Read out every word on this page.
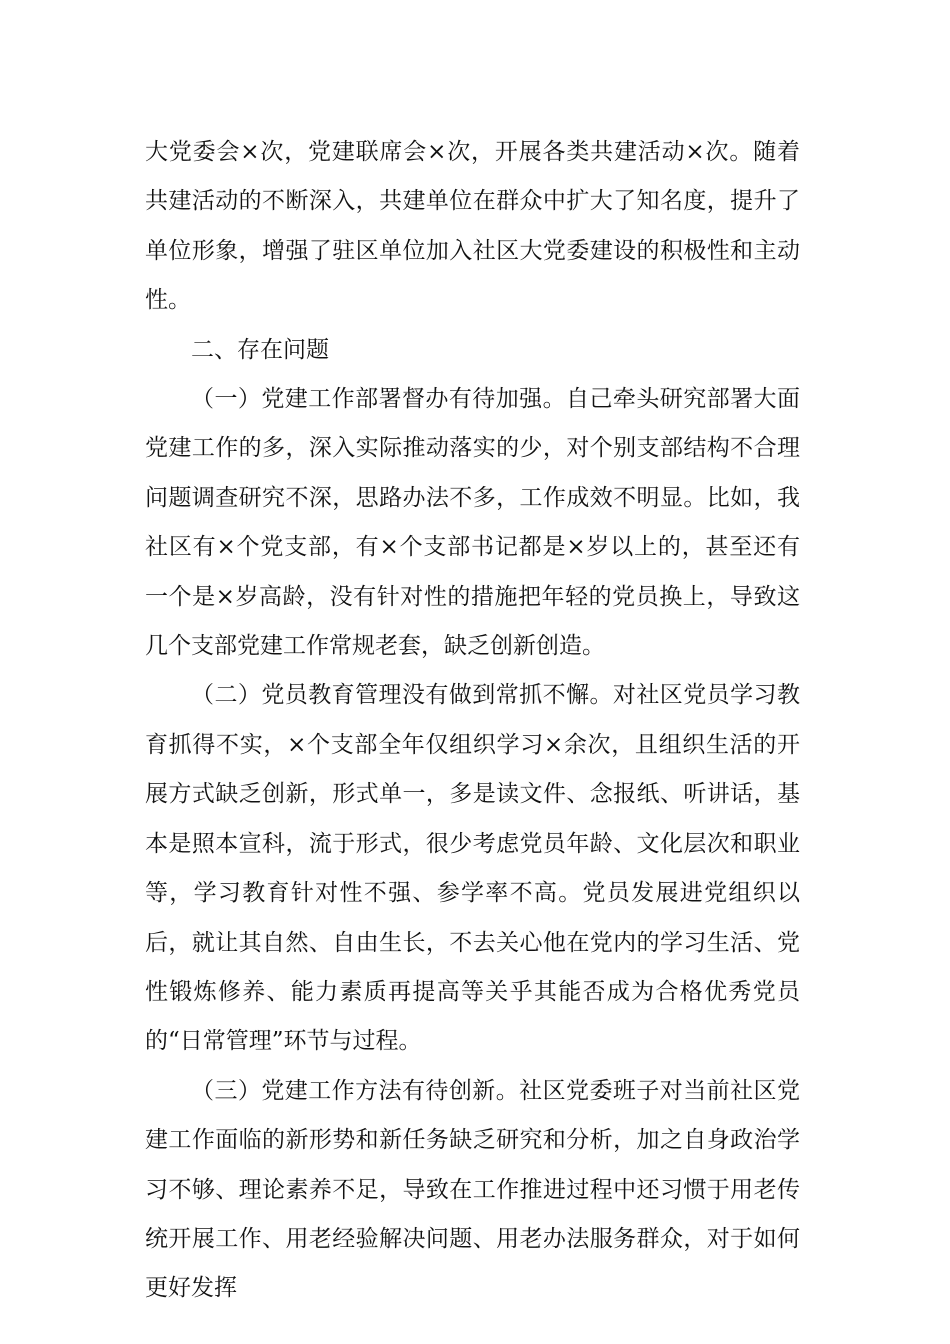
大党委会×次，党建联席会×次，开展各类共建活动×次。随着共建活动的不断深入，共建单位在群众中扩大了知名度，提升了单位形象，增强了驻区单位加入社区大党委建设的积极性和主动性。

二、存在问题

（一）党建工作部署督办有待加强。自己牵头研究部署大面党建工作的多，深入实际推动落实的少，对个别支部结构不合理问题调查研究不深，思路办法不多，工作成效不明显。比如，我社区有×个党支部，有×个支部书记都是×岁以上的，甚至还有一个是×岁高龄，没有针对性的措施把年轻的党员换上，导致这几个支部党建工作常规老套，缺乏创新创造。

（二）党员教育管理没有做到常抓不懈。对社区党员学习教育抓得不实，×个支部全年仅组织学习×余次，且组织生活的开展方式缺乏创新，形式单一，多是读文件、念报纸、听讲话，基本是照本宣科，流于形式，很少考虑党员年龄、文化层次和职业等，学习教育针对性不强、参学率不高。党员发展进党组织以后，就让其自然、自由生长，不去关心他在党内的学习生活、党性锻炼修养、能力素质再提高等关乎其能否成为合格优秀党员的“日常管理”环节与过程。

（三）党建工作方法有待创新。社区党委班子对当前社区党建工作面临的新形势和新任务缺乏研究和分析，加之自身政治学习不够、理论素养不足，导致在工作推进过程中还习惯于用老传统开展工作、用老经验解决问题、用老办法服务群众，对于如何更好发挥
